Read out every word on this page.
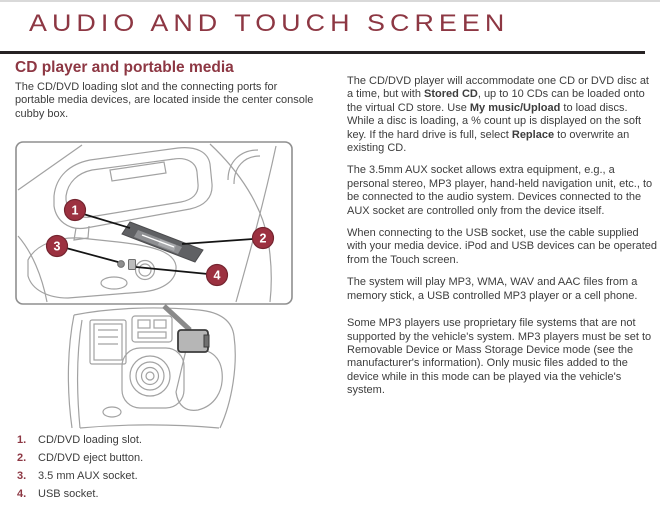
AUDIO AND TOUCH SCREEN
CD player and portable media

The CD/DVD loading slot and the connecting ports for portable media devices, are located inside the center console cubby box.

1
2
3
4
1.	CD/DVD loading slot.
2.	CD/DVD eject button.
3.	3.5 mm AUX socket.
4.	USB socket.

The CD/DVD player will accommodate one CD or DVD disc at a time, but with Stored CD, up to 10 CDs can be loaded onto the virtual CD store. Use My music/Upload to load discs. While a disc is loading, a % count up is displayed on the soft key. If the hard drive is full, select Replace to overwrite an existing CD.

The 3.5mm AUX socket allows extra equipment, e.g., a personal stereo, MP3 player, hand-held navigation unit, etc., to be connected to the audio system. Devices connected to the AUX socket are controlled only from the device itself.

When connecting to the USB socket, use the cable supplied with your media device. iPod and USB devices can be operated from the Touch screen.

The system will play MP3, WMA, WAV and AAC files from a memory stick, a USB controlled MP3 player or a cell phone.

Some MP3 players use proprietary file systems that are not supported by the vehicle's system. MP3 players must be set to Removable Device or Mass Storage Device mode (see the manufacturer's information). Only music files added to the device while in this mode can be played via the vehicle's system.
